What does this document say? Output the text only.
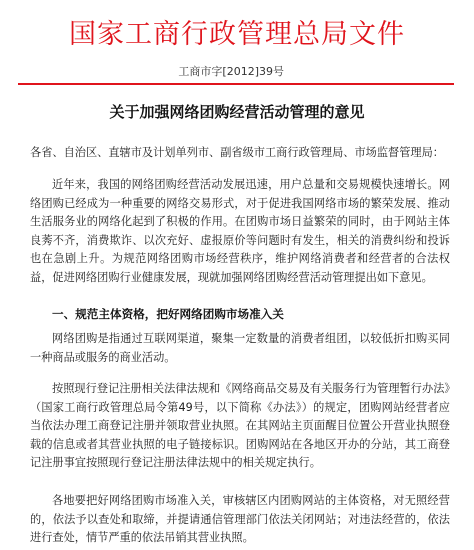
国家工商行政管理总局文件
工商市字[2012]39号
关于加强网络团购经营活动管理的意见

各省、自治区、直辖市及计划单列市、副省级市工商行政管理局、市场监督管理局：

近年来，我国的网络团购经营活动发展迅速，用户总量和交易规模快速增长。网络团购已经成为一种重要的网络交易形式，对于促进我国网络市场的繁荣发展、推动生活服务业的网络化起到了积极的作用。在团购市场日益繁荣的同时，由于网站主体良莠不齐，消费欺诈、以次充好、虚报原价等问题时有发生，相关的消费纠纷和投诉也在急剧上升。为规范网络团购市场经营秩序，维护网络消费者和经营者的合法权益，促进网络团购行业健康发展，现就加强网络团购经营活动管理提出如下意见。

一、规范主体资格，把好网络团购市场准入关

网络团购是指通过互联网渠道，聚集一定数量的消费者组团，以较低折扣购买同一种商品或服务的商业活动。

按照现行登记注册相关法律法规和《网络商品交易及有关服务行为管理暂行办法》（国家工商行政管理总局令第49号，以下简称《办法》）的规定，团购网站经营者应当依法办理工商登记注册并领取营业执照。在其网站主页面醒目位置公开营业执照登载的信息或者其营业执照的电子链接标识。团购网站在各地区开办的分站，其工商登记注册事宜按照现行登记注册法律法规中的相关规定执行。

各地要把好网络团购市场准入关，审核辖区内团购网站的主体资格，对无照经营的，依法予以查处和取缔，并提请通信管理部门依法关闭网站；对违法经营的，依法进行查处，情节严重的依法吊销其营业执照。
